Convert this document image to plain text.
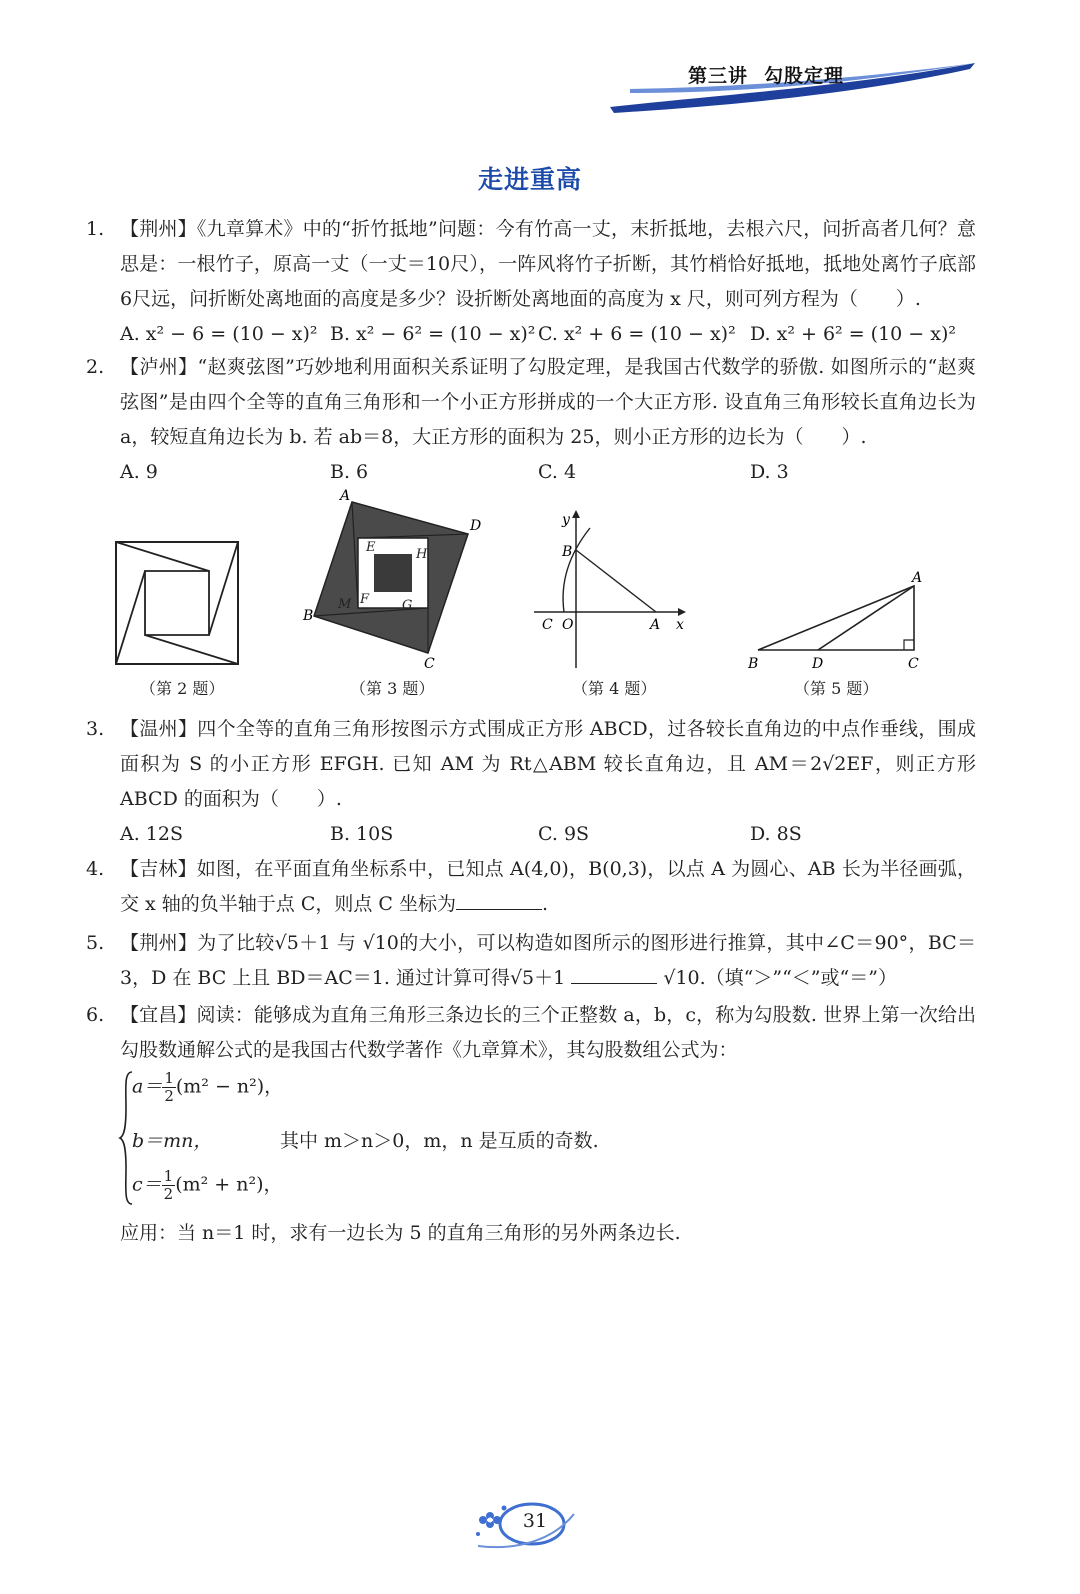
第三讲 勾股定理
走进重高
1. 【荆州】《九章算术》中的“折竹抵地”问题：今有竹高一丈，末折抵地，去根六尺，问折高者几何？意思是：一根竹子，原高一丈（一丈＝10尺），一阵风将竹子折断，其竹梢恰好抵地，抵地处离竹子底部6尺远，问折断处离地面的高度是多少？设折断处离地面的高度为 x 尺，则可列方程为（　　）.
A. x² − 6 = (10 − x)² B. x² − 6² = (10 − x)² C. x² + 6 = (10 − x)² D. x² + 6² = (10 − x)²
2. 【泸州】“赵爽弦图”巧妙地利用面积关系证明了勾股定理，是我国古代数学的骄傲. 如图所示的“赵爽弦图”是由四个全等的直角三角形和一个小正方形拼成的一个大正方形. 设直角三角形较长直角边长为 a，较短直角边长为 b. 若 ab＝8，大正方形的面积为 25，则小正方形的边长为（　　）.
A. 9	B. 6	C. 4	D. 3
A
B
C
D
E
F	G
H
M
y
B
C O	A x
A
B	D	C
（第 2 题）	（第 3 题）	（第 4 题）	（第 5 题）
3. 【温州】四个全等的直角三角形按图示方式围成正方形 ABCD，过各较长直角边的中点作垂线，围成面积为 S 的小正方形 EFGH. 已知 AM 为 Rt△ABM 较长直角边，且 AM＝2√2EF，则正方形 ABCD 的面积为（　　）.
A. 12S	B. 10S	C. 9S	D. 8S
4. 【吉林】如图，在平面直角坐标系中，已知点 A(4,0)，B(0,3)，以点 A 为圆心、AB 长为半径画弧，交 x 轴的负半轴于点 C，则点 C 坐标为	.
5. 【荆州】为了比较√5＋1 与 √10的大小，可以构造如图所示的图形进行推算，其中∠C＝90°，BC＝3，D 在 BC 上且 BD＝AC＝1. 通过计算可得√5＋1	√10.（填“＞”“＜”或“＝”）
6. 【宜昌】阅读：能够成为直角三角形三条边长的三个正整数 a，b，c，称为勾股数. 世界上第一次给出勾股数通解公式的是我国古代数学著作《九章算术》，其勾股数组公式为：
$a= \frac{1}{2} (m^2 - n^2)$，
b＝mn，	其中 m＞n＞0，m，n 是互质的奇数.
$c= \frac{1}{2} (m^2 + n^2)$，
应用：当 n＝1 时，求有一边长为 5 的直角三角形的另外两条边长.
31
